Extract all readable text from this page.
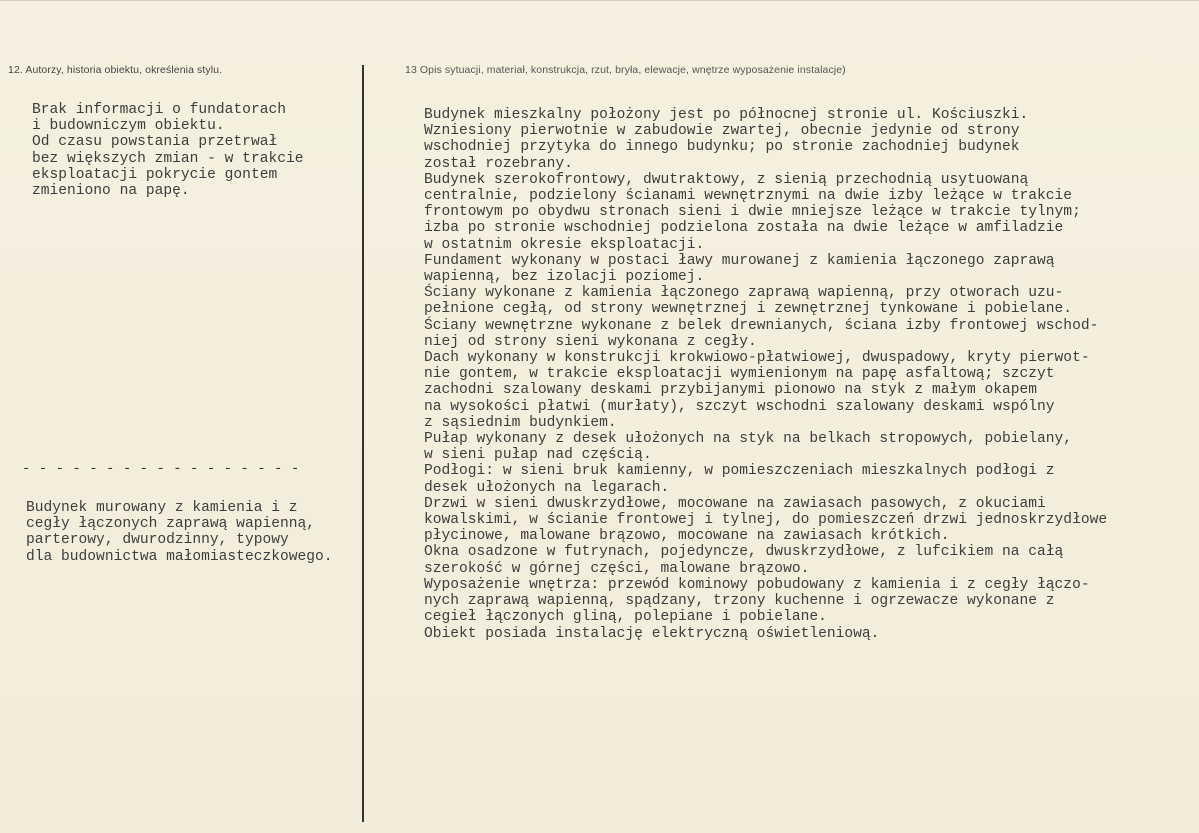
12. Autorzy, historia obiektu, określenia stylu.	13 Opis sytuacji, materiał, konstrukcja, rzut, bryła, elewacje, wnętrze wyposażenie instalacje)
Brak informacji o fundatorach
i budowniczym obiektu.
Od czasu powstania przetrwał
bez większych zmian - w trakcie
eksploatacji pokrycie gontem
zmieniono na papę.
- - - - - - - - - - - - - - - - -
Budynek murowany z kamienia i z
cegły łączonych zaprawą wapienną,
parterowy, dwurodzinny, typowy
dla budownictwa małomiasteczkowego.
Budynek mieszkalny położony jest po północnej stronie ul. Kościuszki.
Wzniesiony pierwotnie w zabudowie zwartej, obecnie jedynie od strony
wschodniej przytyka do innego budynku; po stronie zachodniej budynek
został rozebrany.
Budynek szerokofrontowy, dwutraktowy, z sienią przechodnią usytuowaną
centralnie, podzielony ścianami wewnętrznymi na dwie izby leżące w trakcie
frontowym po obydwu stronach sieni i dwie mniejsze leżące w trakcie tylnym;
izba po stronie wschodniej podzielona została na dwie leżące w amfiladzie
w ostatnim okresie eksploatacji.
Fundament wykonany w postaci ławy murowanej z kamienia łączonego zaprawą
wapienną, bez izolacji poziomej.
Ściany wykonane z kamienia łączonego zaprawą wapienną, przy otworach uzu-
pełnione cegłą, od strony wewnętrznej i zewnętrznej tynkowane i pobielane.
Ściany wewnętrzne wykonane z belek drewnianych, ściana izby frontowej wschod-
niej od strony sieni wykonana z cegły.
Dach wykonany w konstrukcji krokwiowo-płatwiowej, dwuspadowy, kryty pierwot-
nie gontem, w trakcie eksploatacji wymienionym na papę asfaltową; szczyt
zachodni szalowany deskami przybijanymi pionowo na styk z małym okapem
na wysokości płatwi (murłaty), szczyt wschodni szalowany deskami wspólny
z sąsiednim budynkiem.
Pułap wykonany z desek ułożonych na styk na belkach stropowych, pobielany,
w sieni pułap nad częścią.
Podłogi: w sieni bruk kamienny, w pomieszczeniach mieszkalnych podłogi z
desek ułożonych na legarach.
Drzwi w sieni dwuskrzydłowe, mocowane na zawiasach pasowych, z okuciami
kowalskimi, w ścianie frontowej i tylnej, do pomieszczeń drzwi jednoskrzydłowe
płycinowe, malowane brązowo, mocowane na zawiasach krótkich.
Okna osadzone w futrynach, pojedyncze, dwuskrzydłowe, z lufcikiem na całą
szerokość w górnej części, malowane brązowo.
Wyposażenie wnętrza: przewód kominowy pobudowany z kamienia i z cegły łączo-
nych zaprawą wapienną, spądzany, trzony kuchenne i ogrzewacze wykonane z
cegieł łączonych gliną, polepiane i pobielane.
Obiekt posiada instalację elektryczną oświetleniową.
